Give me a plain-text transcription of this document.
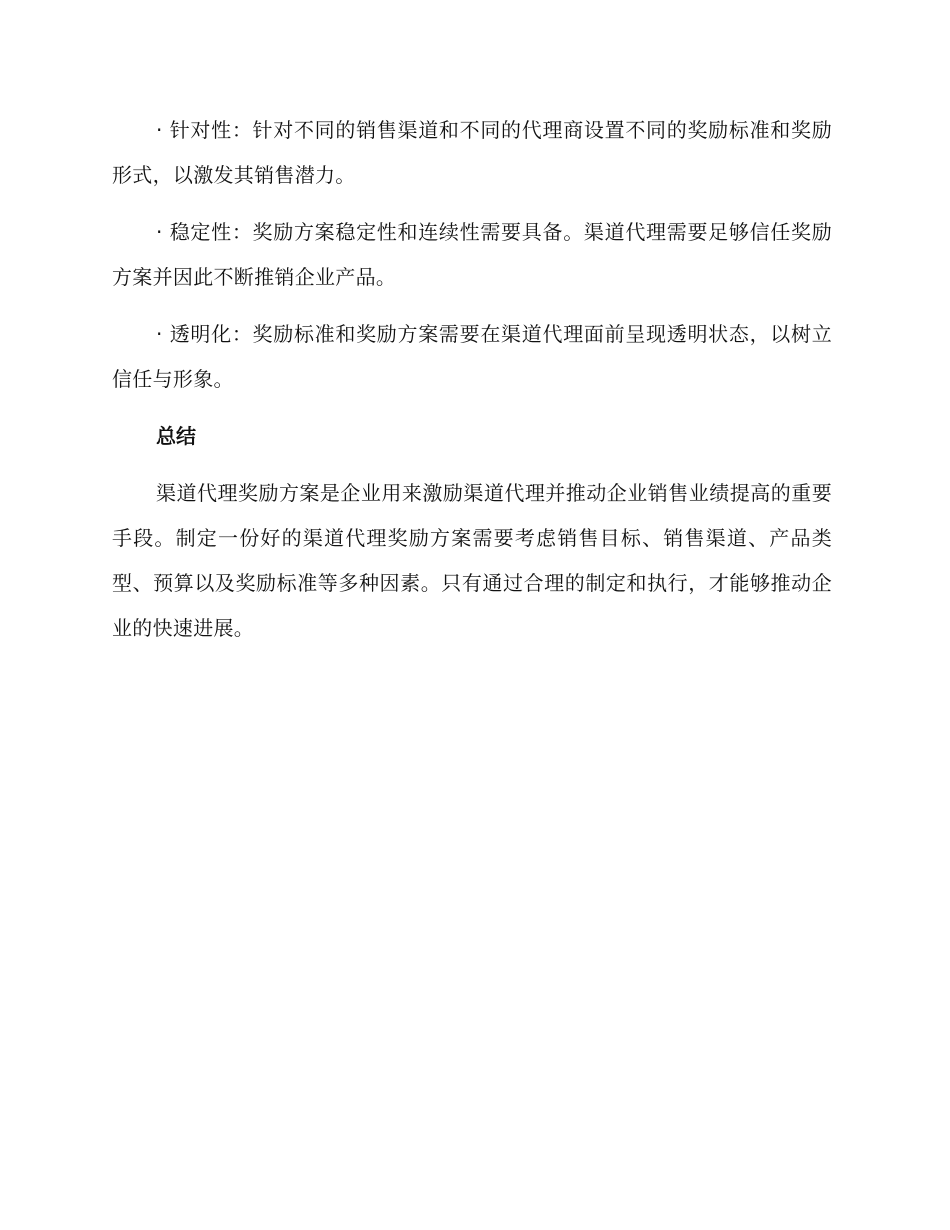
· 针对性：针对不同的销售渠道和不同的代理商设置不同的奖励标准和奖励形式，以激发其销售潜力。

· 稳定性：奖励方案稳定性和连续性需要具备。渠道代理需要足够信任奖励方案并因此不断推销企业产品。

· 透明化：奖励标准和奖励方案需要在渠道代理面前呈现透明状态，以树立信任与形象。

总结

渠道代理奖励方案是企业用来激励渠道代理并推动企业销售业绩提高的重要手段。制定一份好的渠道代理奖励方案需要考虑销售目标、销售渠道、产品类型、预算以及奖励标准等多种因素。只有通过合理的制定和执行，才能够推动企业的快速进展。
